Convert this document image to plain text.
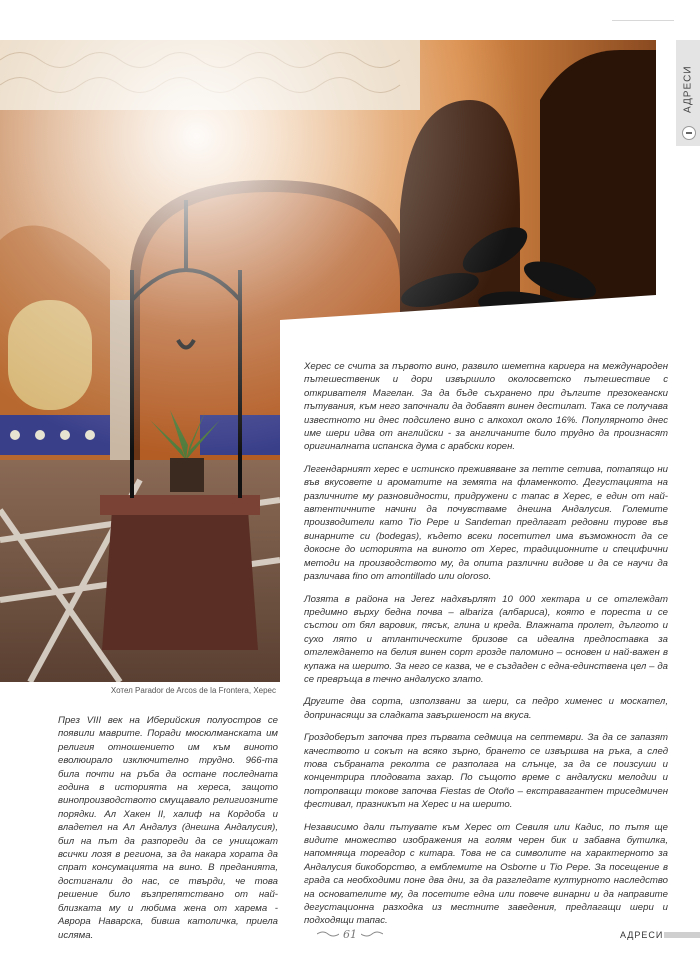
АДРЕСИ
Хотел Parador de Arcos de la Frontera, Херес

През VIII век на Иберийския полуостров се появили маврите. Поради мюсюлманската им религия отношението им към виното еволюирало изключително трудно. 966-та била почти на ръба да остане последната година в историята на хереса, защото винопроизводството смущавало религиозните порядки. Ал Хакен II, халиф на Кордоба и владетел на Ал Андалуз (днешна Андалусия), бил на път да разпореди да се унищожат всички лозя в региона, за да накара хората да спрат консумацията на вино. В преданията, достигнали до нас, се твърди, че това решение било възпрепятствано от най-близката му и любима жена от харема - Аврора Наварска, бивша католичка, приела исляма.

Херес се счита за първото вино, развило шеметна кариера на международен пътешественик и дори извършило околосветско пътешествие с откривателя Магелан. За да бъде съхранено при дългите презокеански пътувания, към него започнали да добавят винен дестилат. Така се получава известното ни днес подсилено вино с алкохол около 16%. Популярното днес име шери идва от английски - за англичаните било трудно да произнасят оригиналната испанска дума с арабски корен.

Легендарният херес е истинско преживяване за петте сетива, потапящо ни във вкусовете и ароматите на земята на фламенкото. Дегустацията на различните му разновидности, придружени с тапас в Херес, е един от най-автентичните начини да почувстваме днешна Андалусия. Големите производители като Tio Pepe и Sandeman предлагат редовни турове във винарните си (bodegas), където всеки посетител има възможност да се докосне до историята на виното от Херес, традиционните и специфични методи на производството му, да опита различни видове и да се научи да различава fino от amontillado или oloroso.

Лозята в района на Jerez надхвърлят 10 000 хектара и се отглеждат предимно върху бедна почва – albariza (албариса), която е пореста и се състои от бял варовик, пясък, глина и креда. Влажната пролет, дългото и сухо лято и атлантическите бризове са идеална предпоставка за отглеждането на белия винен сорт грозде паломино – основен и най-важен в купажа на шерито. За него се казва, че е създаден с една-единствена цел – да се превръща в течно андалуско злато.

Другите два сорта, използвани за шери, са педро хименес и москател, допринасящи за сладката завършеност на вкуса.

Гроздоберът започва през първата седмица на септември. За да се запазят качеството и сокът на всяко зърно, брането се извършва на ръка, а след това събраната реколта се разполага на слънце, за да се поизсуши и концентрира плодовата захар. По същото време с андалуски мелодии и потропващи токове започва Fiestas de Otoño – екстравагантен триседмичен фестивал, празникът на Херес и на шерито.

Независимо дали пътувате към Херес от Севиля или Кадис, по пътя ще видите множество изображения на голям черен бик и забавна бутилка, напомняща тореадор с китара. Това не са символите на характерното за Андалусия бикоборство, а емблемите на Osborne и Tio Pepe. За посещение в града са необходими поне два дни, за да разгледате културното наследство на основателите му, да посетите една или повече винарни и да направите дегустационна разходка из местните заведения, предлагащи шери и подходящи тапас.

61	АДРЕСИ
